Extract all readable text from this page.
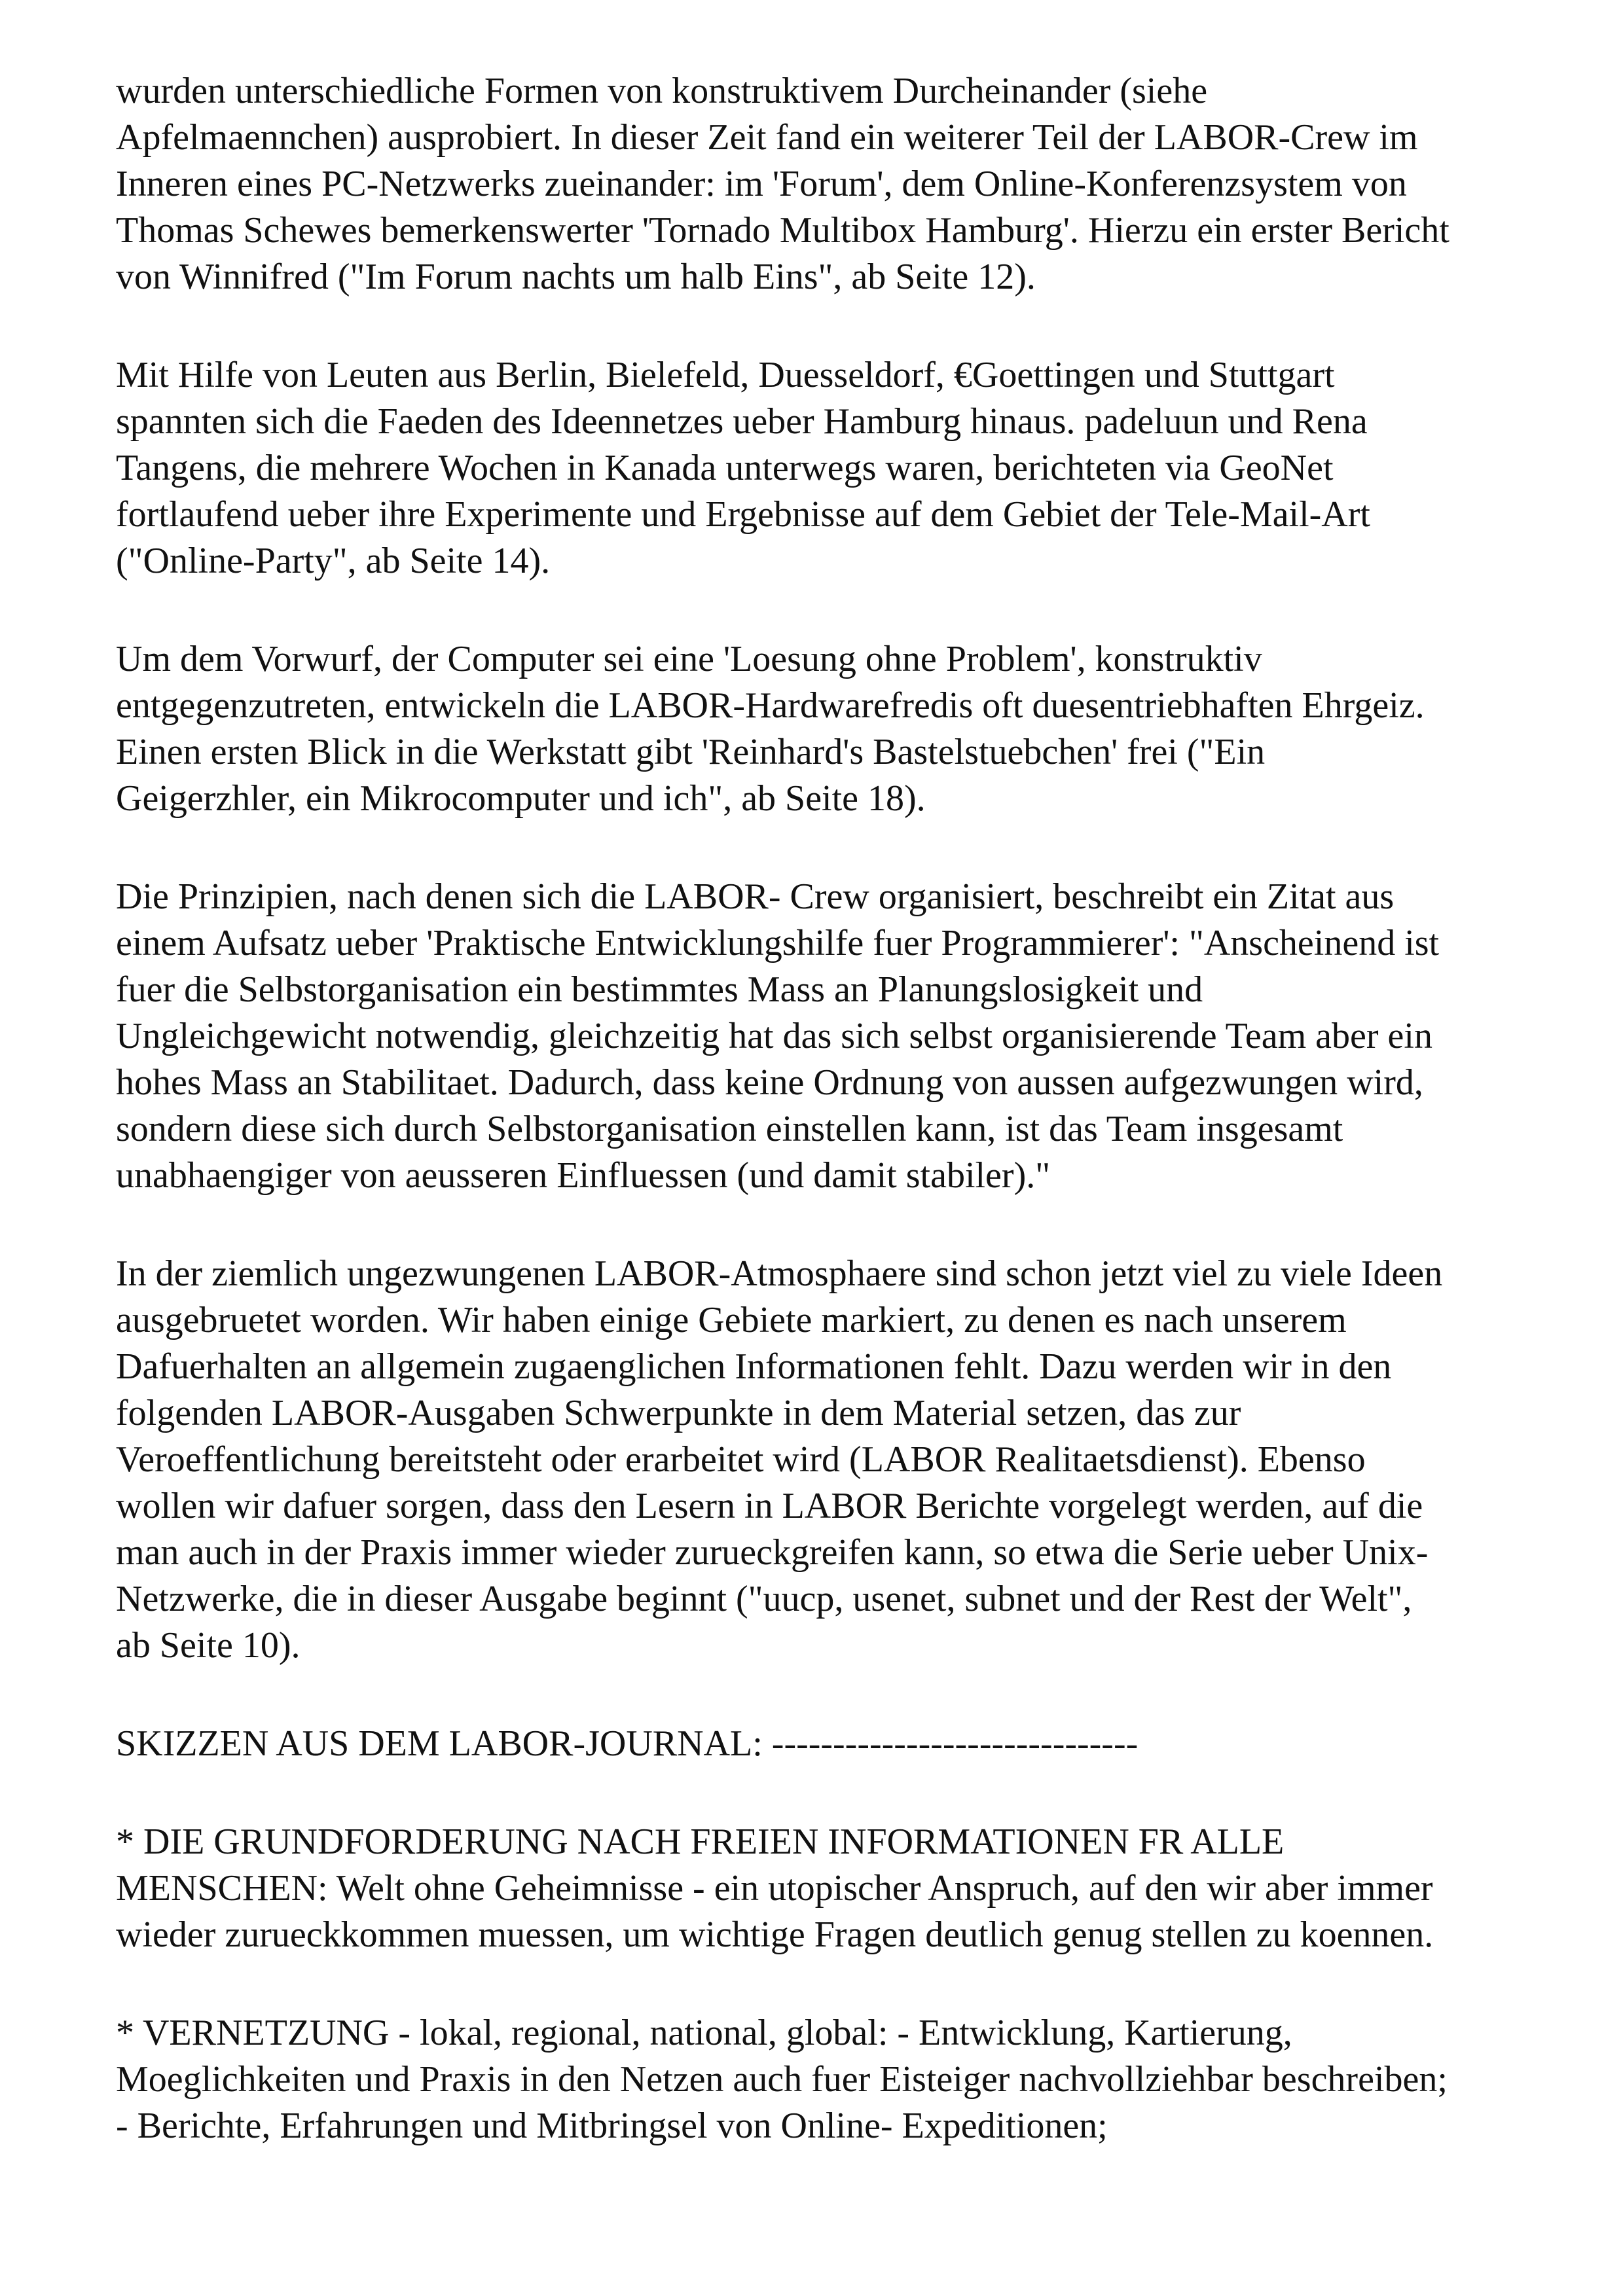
wurden unterschiedliche Formen von konstruktivem Durcheinander (siehe
Apfelmaennchen) ausprobiert. In dieser Zeit fand ein weiterer Teil der LABOR-Crew im
Inneren eines PC-Netzwerks zueinander: im 'Forum', dem Online-Konferenzsystem von
Thomas Schewes bemerkenswerter 'Tornado Multibox Hamburg'. Hierzu ein erster Bericht
von Winnifred ("Im Forum nachts um halb Eins", ab Seite 12).
Mit Hilfe von Leuten aus Berlin, Bielefeld, Duesseldorf, €Goettingen und Stuttgart
spannten sich die Faeden des Ideennetzes ueber Hamburg hinaus. padeluun und Rena
Tangens, die mehrere Wochen in Kanada unterwegs waren, berichteten via GeoNet
fortlaufend ueber ihre Experimente und Ergebnisse auf dem Gebiet der Tele-Mail-Art
("Online-Party", ab Seite 14).
Um dem Vorwurf, der Computer sei eine 'Loesung ohne Problem', konstruktiv
entgegenzutreten, entwickeln die LABOR-Hardwarefredis oft duesentriebhaften Ehrgeiz.
Einen ersten Blick in die Werkstatt gibt 'Reinhard's Bastelstuebchen' frei ("Ein
Geigerzhler, ein Mikrocomputer und ich", ab Seite 18).
Die Prinzipien, nach denen sich die LABOR- Crew organisiert, beschreibt ein Zitat aus
einem Aufsatz ueber 'Praktische Entwicklungshilfe fuer Programmierer': "Anscheinend ist
fuer die Selbstorganisation ein bestimmtes Mass an Planungslosigkeit und
Ungleichgewicht notwendig, gleichzeitig hat das sich selbst organisierende Team aber ein
hohes Mass an Stabilitaet. Dadurch, dass keine Ordnung von aussen aufgezwungen wird,
sondern diese sich durch Selbstorganisation einstellen kann, ist das Team insgesamt
unabhaengiger von aeusseren Einfluessen (und damit stabiler)."
In der ziemlich ungezwungenen LABOR-Atmosphaere sind schon jetzt viel zu viele Ideen
ausgebruetet worden. Wir haben einige Gebiete markiert, zu denen es nach unserem
Dafuerhalten an allgemein zugaenglichen Informationen fehlt. Dazu werden wir in den
folgenden LABOR-Ausgaben Schwerpunkte in dem Material setzen, das zur
Veroeffentlichung bereitsteht oder erarbeitet wird (LABOR Realitaetsdienst). Ebenso
wollen wir dafuer sorgen, dass den Lesern in LABOR Berichte vorgelegt werden, auf die
man auch in der Praxis immer wieder zurueckgreifen kann, so etwa die Serie ueber Unix-
Netzwerke, die in dieser Ausgabe beginnt ("uucp, usenet, subnet und der Rest der Welt",
ab Seite 10).
SKIZZEN AUS DEM LABOR-JOURNAL: ------------------------------
* DIE GRUNDFORDERUNG NACH FREIEN INFORMATIONEN FR ALLE
MENSCHEN: Welt ohne Geheimnisse - ein utopischer Anspruch, auf den wir aber immer
wieder zurueckkommen muessen, um wichtige Fragen deutlich genug stellen zu koennen.
* VERNETZUNG - lokal, regional, national, global: - Entwicklung, Kartierung,
Moeglichkeiten und Praxis in den Netzen auch fuer Eisteiger nachvollziehbar beschreiben;
- Berichte, Erfahrungen und Mitbringsel von Online- Expeditionen;
